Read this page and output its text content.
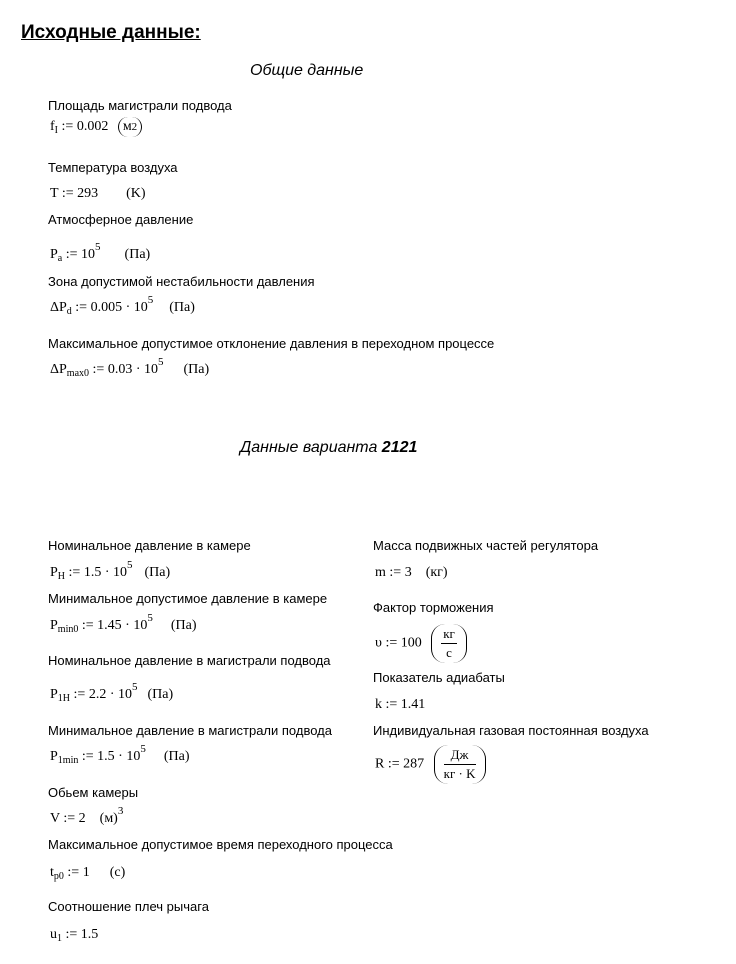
Исходные данные:
Общие данные
Площадь магистрали подвода
$f_I$ := 0.002 м 2
Температура воздуха
T := 293 (K)
Атмосферное давление
$P_a$ := $10^5$ (Па)
Зона допустимой нестабильности давления
$\Delta P_d$ := $0.005 \cdot 10^5$ (Па)
Максимальное допустимое отклонение давления в переходном процессе
$\Delta P_{max0}$ := $0.03 \cdot 10^5$ (Па)
Данные варианта 2121
Номинальное давление в камере
$P_H$ := $1.5 \cdot 10^5$ (Па)
Минимальное допустимое давление в камере
$P_{min0}$ := $1.45 \cdot 10^5$ (Па)
Номинальное давление в магистрали подвода
$P_{1H}$ := $2.2 \cdot 10^5$ (Па)
Минимальное давление в магистрали подвода
$P_{1min}$ := $1.5 \cdot 10^5$ (Па)
Обьем камеры
V := 2 $(м)^3$
Максимальное допустимое время переходного процесса
$t_{p0}$ := 1 (с)
Соотношение плеч рычага
$u_1$ := 1.5
Масса подвижных частей регулятора
m := 3 (кг)
Фактор торможения
υ := $100 \frac{кг}{с}$
Показатель адиабаты
k := 1.41
Индивидуальная газовая постоянная воздуха
R := $287 \frac{Дж}{кг \cdot K}$
